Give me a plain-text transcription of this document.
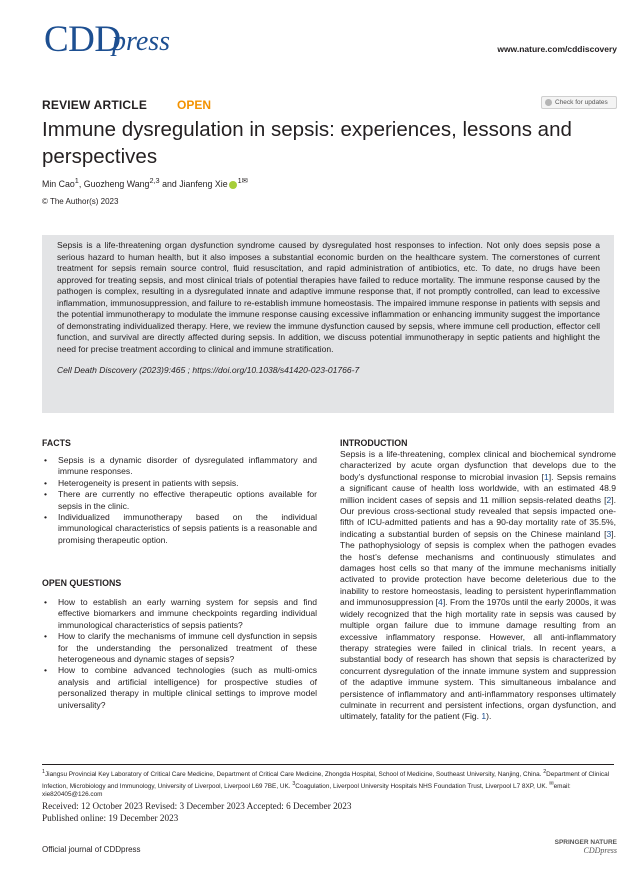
CDD
press	www.nature.com/cddiscovery
REVIEW ARTICLE OPEN	Check for updates
Immune dysregulation in sepsis: experiences, lessons and perspectives
Min Cao$^1$, Guozheng Wang$^{2,3}$ and Jianfeng Xie $^{1✉}$
© The Author(s) 2023

Sepsis is a life-threatening organ dysfunction syndrome caused by dysregulated host responses to infection. Not only does sepsis pose a serious hazard to human health, but it also imposes a substantial economic burden on the healthcare system. The cornerstones of current treatment for sepsis remain source control, fluid resuscitation, and rapid administration of antibiotics, etc. To date, no drugs have been approved for treating sepsis, and most clinical trials of potential therapies have failed to reduce mortality. The immune response caused by the pathogen is complex, resulting in a dysregulated innate and adaptive immune response that, if not promptly controlled, can lead to excessive inflammation, immunosuppression, and failure to re-establish immune homeostasis. The impaired immune response in patients with sepsis and the potential immunotherapy to modulate the immune response causing excessive inflammation or enhancing immunity suggest the importance of demonstrating individualized therapy. Here, we review the immune dysfunction caused by sepsis, where immune cell production, effector cell function, and survival are directly affected during sepsis. In addition, we discuss potential immunotherapy in septic patients and highlight the need for precise treatment according to clinical and immune stratification.

Cell Death Discovery (2023)9:465 ; https://doi.org/10.1038/s41420-023-01766-7
FACTS
• Sepsis is a dynamic disorder of dysregulated inflammatory and immune responses.
• Heterogeneity is present in patients with sepsis.
• There are currently no effective therapeutic options available for sepsis in the clinic.
• Individualized immunotherapy based on the individual immunological characteristics of sepsis patients is a reasonable and promising therapeutic option.
OPEN QUESTIONS
• How to establish an early warning system for sepsis and find effective biomarkers and immune checkpoints regarding individual immunological characteristics of sepsis patients?
• How to clarify the mechanisms of immune cell dysfunction in sepsis for the understanding the personalized treatment of these heterogeneous and dynamic stages of sepsis?
• How to combine advanced technologies (such as multi-omics analysis and artificial intelligence) for prospective studies of personalized therapy in multiple clinical settings to improve model universality?
INTRODUCTION
Sepsis is a life-threatening, complex clinical and biochemical syndrome characterized by acute organ dysfunction that develops due to the body’s dysfunctional response to microbial invasion [1]. Sepsis remains a significant cause of health loss worldwide, with an estimated 48.9 million incident cases of sepsis and 11 million sepsis-related deaths [2]. Our previous cross-sectional study revealed that sepsis impacted one-fifth of ICU-admitted patients and has a 90-day mortality rate of 35.5%, indicating a substantial burden of sepsis on the Chinese mainland [3]. The pathophysiology of sepsis is complex when the pathogen evades the host’s defense mechanisms and continuously stimulates and damages host cells so that many of the immune mechanisms initially activated to provide protection have become deleterious due to the inability to restore homeostasis, leading to persistent hyperinflammation and immunosuppression [4]. From the 1970s until the early 2000s, it was widely recognized that the high mortality rate in sepsis was caused by multiple organ failure due to immune damage resulting from an excessive inflammatory response. However, all anti-inflammatory therapy strategies were failed in clinical trials. In recent years, a substantial body of research has shown that sepsis is characterized by concurrent dysregulation of the innate immune system and suppression of the adaptive immune system. This simultaneous imbalance and persistence of inflammatory and anti-inflammatory responses ultimately culminate in recurrent and persistent infections, organ dysfunction, and ultimately, fatality for the patient (Fig. 1).
$^1$Jiangsu Provincial Key Laboratory of Critical Care Medicine, Department of Critical Care Medicine, Zhongda Hospital, School of Medicine, Southeast University, Nanjing, China. $^2$Department of Clinical Infection, Microbiology and Immunology, University of Liverpool, Liverpool L69 7BE, UK. $^3$Coagulation, Liverpool University Hospitals NHS Foundation Trust, Liverpool L7 8XP, UK. ✉email: xie820405@126.com
Received: 12 October 2023 Revised: 3 December 2023 Accepted: 6 December 2023
Published online: 19 December 2023
Official journal of CDDpress
SPRINGER NATURE
CDDpress
